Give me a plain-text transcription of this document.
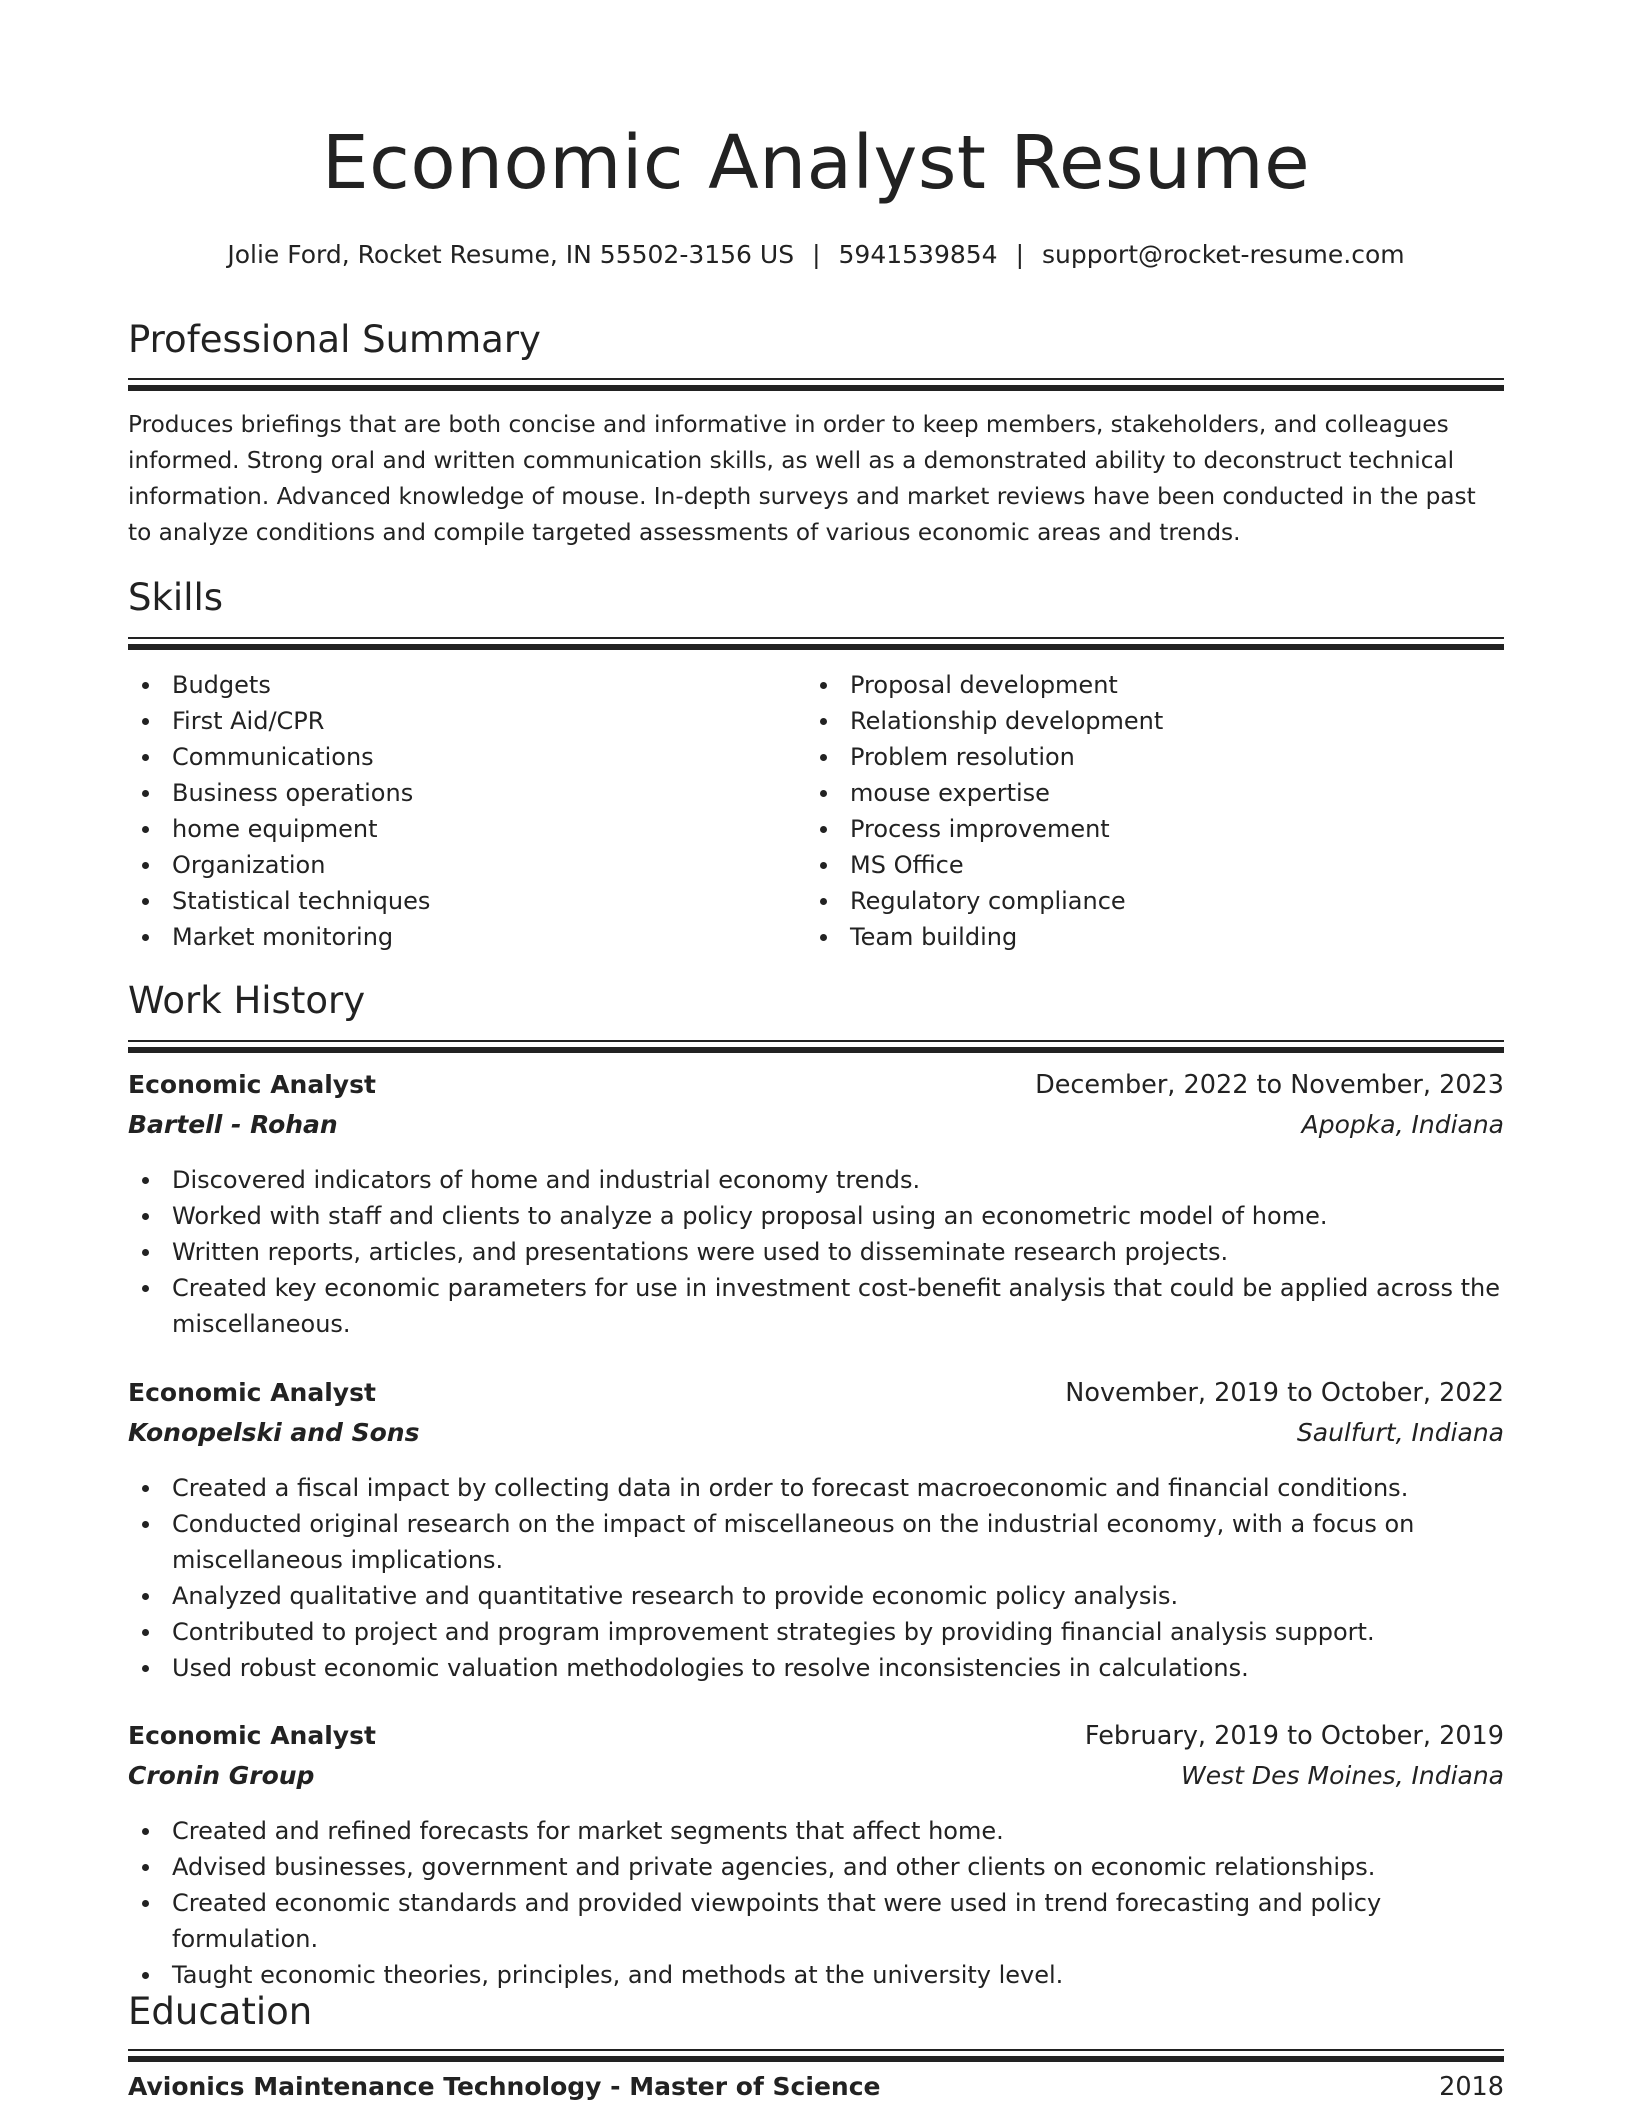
Economic Analyst Resume
Jolie Ford, Rocket Resume, IN 55502-3156 US | 5941539854 | support@rocket-resume.com
Professional Summary

Produces briefings that are both concise and informative in order to keep members, stakeholders, and colleagues informed. Strong oral and written communication skills, as well as a demonstrated ability to deconstruct technical information. Advanced knowledge of mouse. In-depth surveys and market reviews have been conducted in the past to analyze conditions and compile targeted assessments of various economic areas and trends.

Skills
Budgets
First Aid/CPR
Communications
Business operations
home equipment
Organization
Statistical techniques
Market monitoring
Proposal development
Relationship development
Problem resolution
mouse expertise
Process improvement
MS Office
Regulatory compliance
Team building
Work History
Economic Analyst	December, 2022 to November, 2023
Bartell - Rohan	Apopka, Indiana
Discovered indicators of home and industrial economy trends.
Worked with staff and clients to analyze a policy proposal using an econometric model of home.
Written reports, articles, and presentations were used to disseminate research projects.
Created key economic parameters for use in investment cost-benefit analysis that could be applied across the miscellaneous.
Economic Analyst	November, 2019 to October, 2022
Konopelski and Sons	Saulfurt, Indiana
Created a fiscal impact by collecting data in order to forecast macroeconomic and financial conditions.
Conducted original research on the impact of miscellaneous on the industrial economy, with a focus on miscellaneous implications.
Analyzed qualitative and quantitative research to provide economic policy analysis.
Contributed to project and program improvement strategies by providing financial analysis support.
Used robust economic valuation methodologies to resolve inconsistencies in calculations.
Economic Analyst	February, 2019 to October, 2019
Cronin Group	West Des Moines, Indiana
Created and refined forecasts for market segments that affect home.
Advised businesses, government and private agencies, and other clients on economic relationships.
Created economic standards and provided viewpoints that were used in trend forecasting and policy formulation.
Taught economic theories, principles, and methods at the university level.
Education
Avionics Maintenance Technology - Master of Science	2018
